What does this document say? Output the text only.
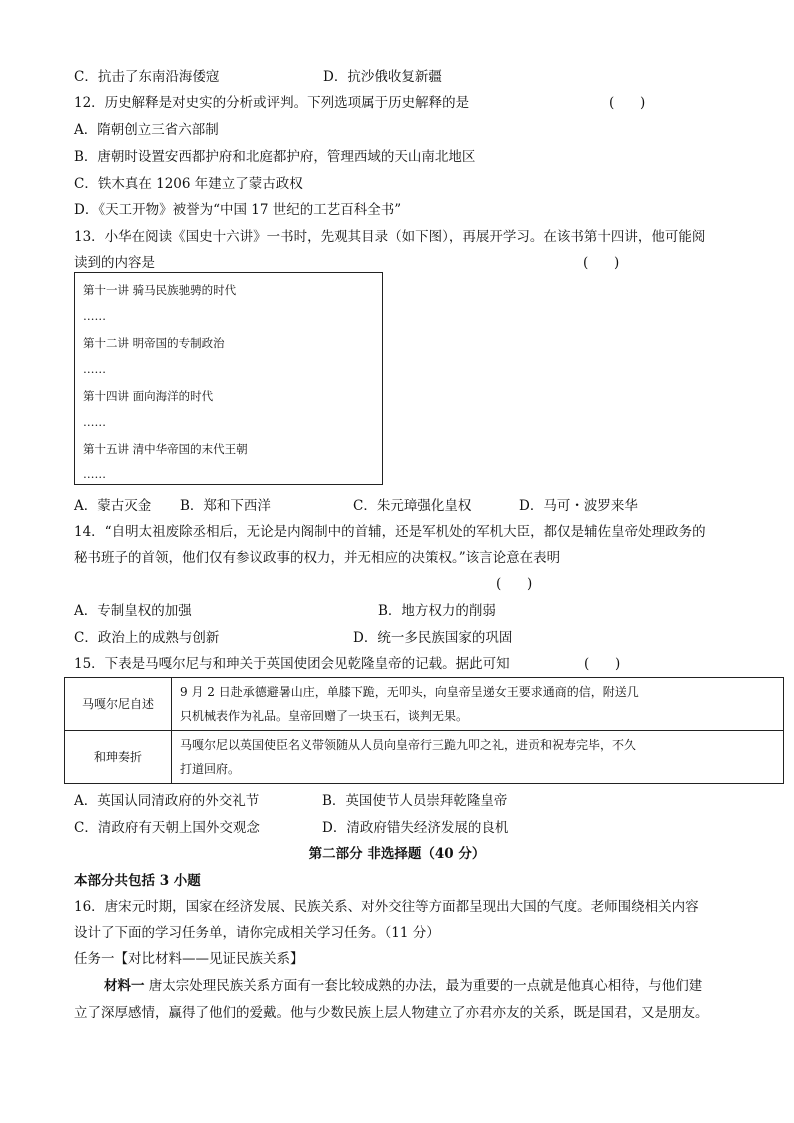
C．抗击了东南沿海倭寇	D．抗沙俄收复新疆
12．历史解释是对史实的分析或评判。下列选项属于历史解释的是	(      )
A．隋朝创立三省六部制
B．唐朝时设置安西都护府和北庭都护府，管理西域的天山南北地区
C．铁木真在 1206 年建立了蒙古政权
D．《天工开物》被誉为“中国 17 世纪的工艺百科全书”
13．小华在阅读《国史十六讲》一书时，先观其目录（如下图），再展开学习。在该书第十四讲，他可能阅
读到的内容是	(      )
第十一讲 骑马民族驰骋的时代
……
第十二讲 明帝国的专制政治
……
第十四讲 面向海洋的时代
……
第十五讲 清中华帝国的末代王朝
……
A．蒙古灭金 B．郑和下西洋	C．朱元璋强化皇权	D．马可・波罗来华
14．“自明太祖废除丞相后，无论是内阁制中的首辅，还是军机处的军机大臣，都仅是辅佐皇帝处理政务的
秘书班子的首领，他们仅有参议政事的权力，并无相应的决策权。”该言论意在表明
(      )
A．专制皇权的加强	B．地方权力的削弱
C．政治上的成熟与创新	D．统一多民族国家的巩固
15．下表是马嘎尔尼与和珅关于英国使团会见乾隆皇帝的记载。据此可知	(      )
马嘎尔尼自述	9 月 2 日赴承德避暑山庄，单膝下跪，无叩头，向皇帝呈递女王要求通商的信，附送几
只机械表作为礼品。皇帝回赠了一块玉石，谈判无果。

和珅奏折	马嘎尔尼以英国使臣名义带领随从人员向皇帝行三跪九叩之礼，进贡和祝寿完毕，不久
打道回府。
A．英国认同清政府的外交礼节	B．英国使节人员崇拜乾隆皇帝
C．清政府有天朝上国外交观念	D．清政府错失经济发展的良机
第二部分 非选择题（40 分）
本部分共包括 3 小题
16．唐宋元时期，国家在经济发展、民族关系、对外交往等方面都呈现出大国的气度。老师围绕相关内容
设计了下面的学习任务单，请你完成相关学习任务。（11 分）
任务一【对比材料——见证民族关系】
材料一 唐太宗处理民族关系方面有一套比较成熟的办法，最为重要的一点就是他真心相待，与他们建
立了深厚感情，赢得了他们的爱戴。他与少数民族上层人物建立了亦君亦友的关系，既是国君，又是朋友。
